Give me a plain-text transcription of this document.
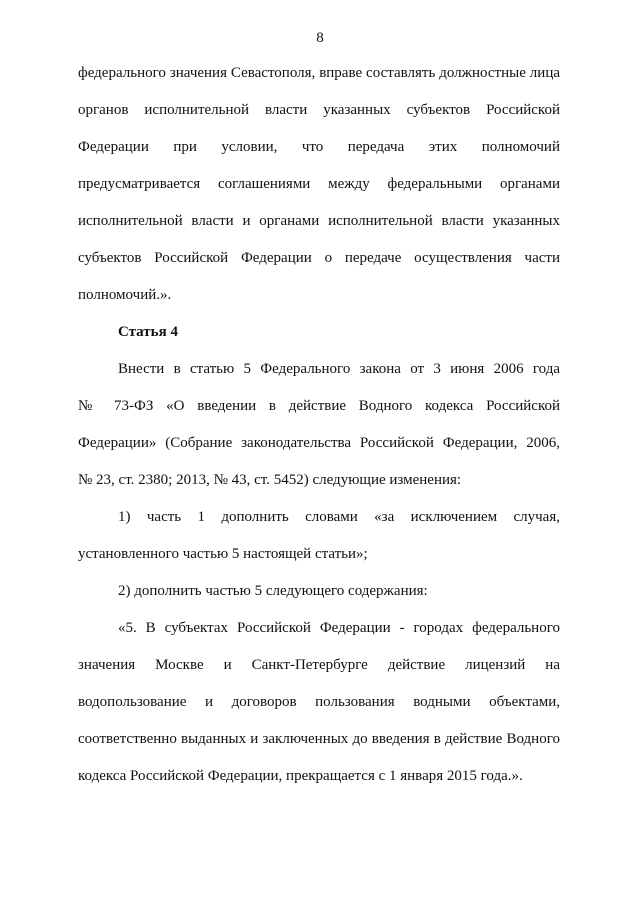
8
федерального значения Севастополя, вправе составлять должностные лица
органов исполнительной власти указанных субъектов Российской
Федерации при условии, что передача этих полномочий
предусматривается соглашениями между федеральными органами
исполнительной власти и органами исполнительной власти указанных
субъектов Российской Федерации о передаче осуществления части
полномочий.».
Статья 4
Внести в статью 5 Федерального закона от 3 июня 2006 года
№ 73-ФЗ «О введении в действие Водного кодекса Российской
Федерации» (Собрание законодательства Российской Федерации, 2006,
№ 23, ст. 2380; 2013, № 43, ст. 5452) следующие изменения:
1) часть 1 дополнить словами «за исключением случая,
установленного частью 5 настоящей статьи»;
2) дополнить частью 5 следующего содержания:
«5. В субъектах Российской Федерации - городах федерального
значения Москве и Санкт-Петербурге действие лицензий на
водопользование и договоров пользования водными объектами,
соответственно выданных и заключенных до введения в действие Водного
кодекса Российской Федерации, прекращается с 1 января 2015 года.».
